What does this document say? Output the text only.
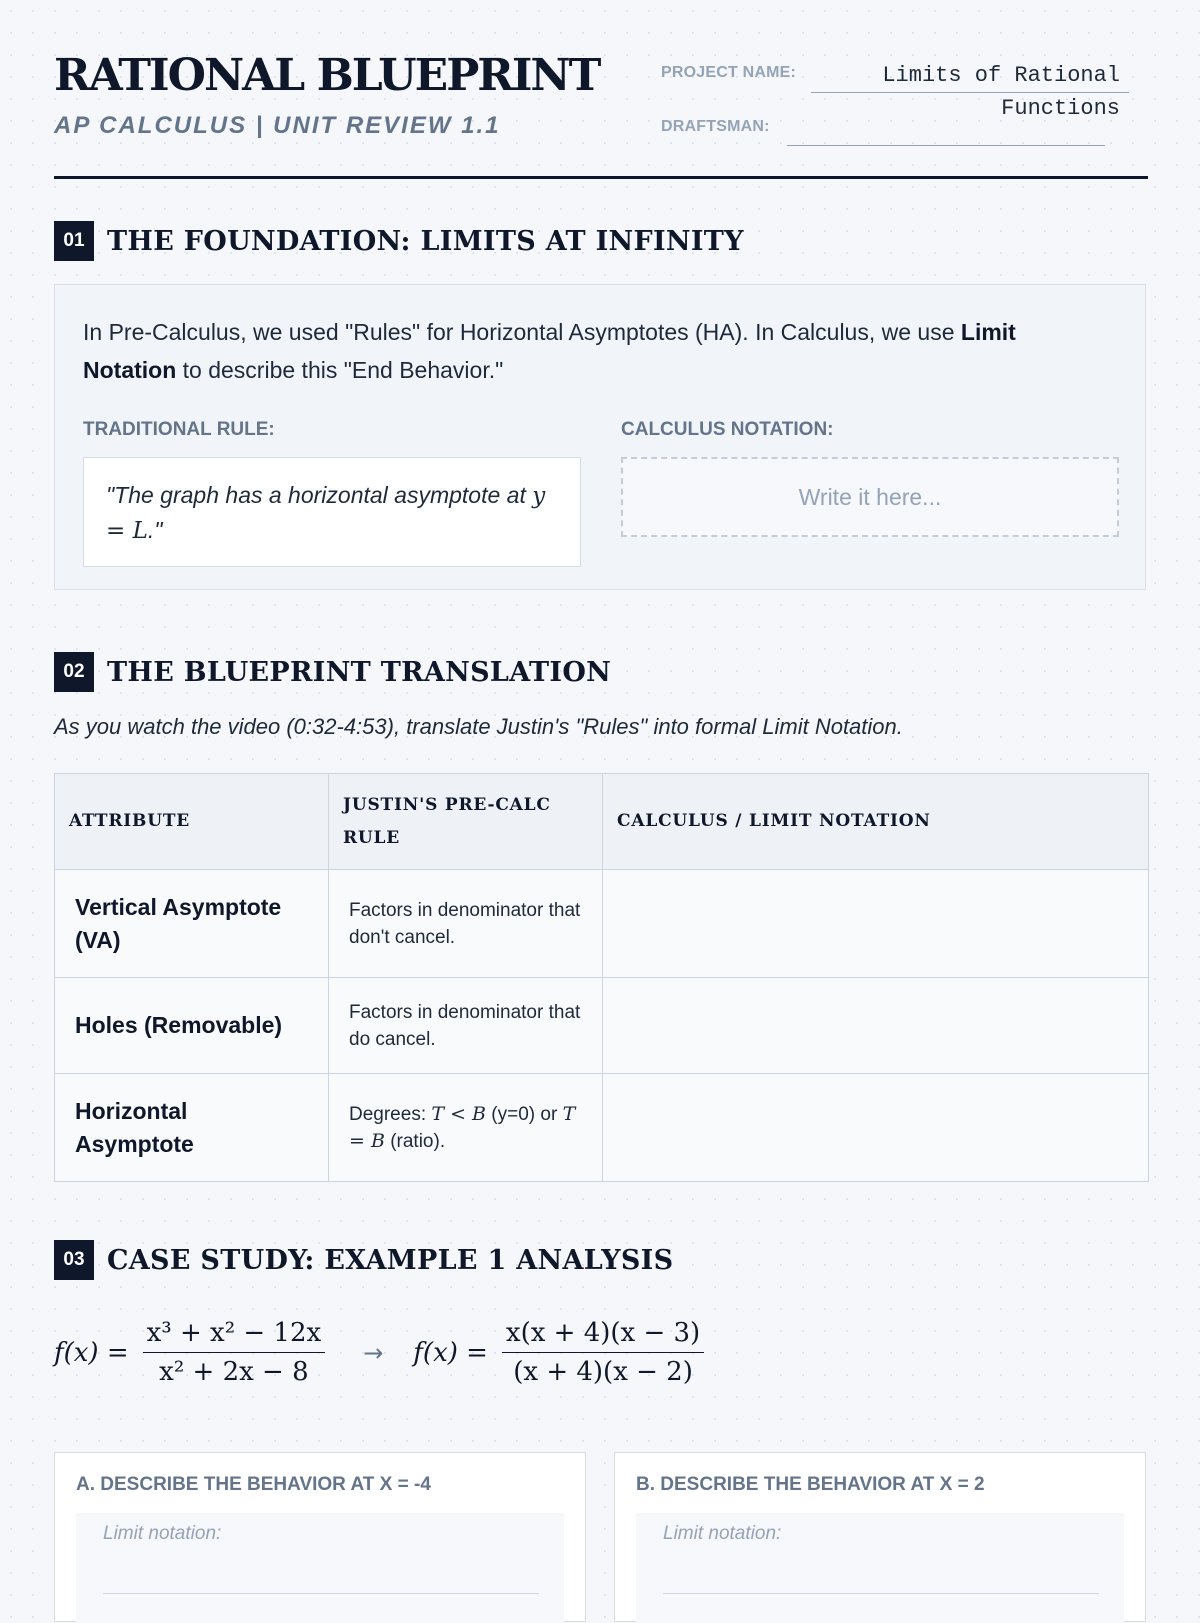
RATIONAL BLUEPRINT
AP CALCULUS | UNIT REVIEW 1.1
PROJECT NAME:	Limits of Rational Functions
DRAFTSMAN:
01 THE FOUNDATION: LIMITS AT INFINITY

In Pre-Calculus, we used "Rules" for Horizontal Asymptotes (HA). In Calculus, we use Limit Notation to describe this "End Behavior."

TRADITIONAL RULE:	CALCULUS NOTATION:
"The graph has a horizontal asymptote at y = L."
Write it here...
02 THE BLUEPRINT TRANSLATION

As you watch the video (0:32-4:53), translate Justin's "Rules" into formal Limit Notation.

ATTRIBUTE	JUSTIN'S PRE-CALC RULE	CALCULUS / LIMIT NOTATION
Vertical Asymptote (VA)	Factors in denominator that don't cancel.	
Holes (Removable)	Factors in denominator that do cancel.	
Horizontal Asymptote	Degrees: T < B (y=0) or T = B (ratio).	
03 CASE STUDY: EXAMPLE 1 ANALYSIS
$f(x) = \frac{\text{x³ + x² − 12x}}{\text{x² + 2x − 8}} \to f(x) = \frac{x(x + 4)(x - 3)}{(x + 4)(x - 2)}$
A. DESCRIBE THE BEHAVIOR AT X = -4
Limit notation:
B. DESCRIBE THE BEHAVIOR AT X = 2
Limit notation:
